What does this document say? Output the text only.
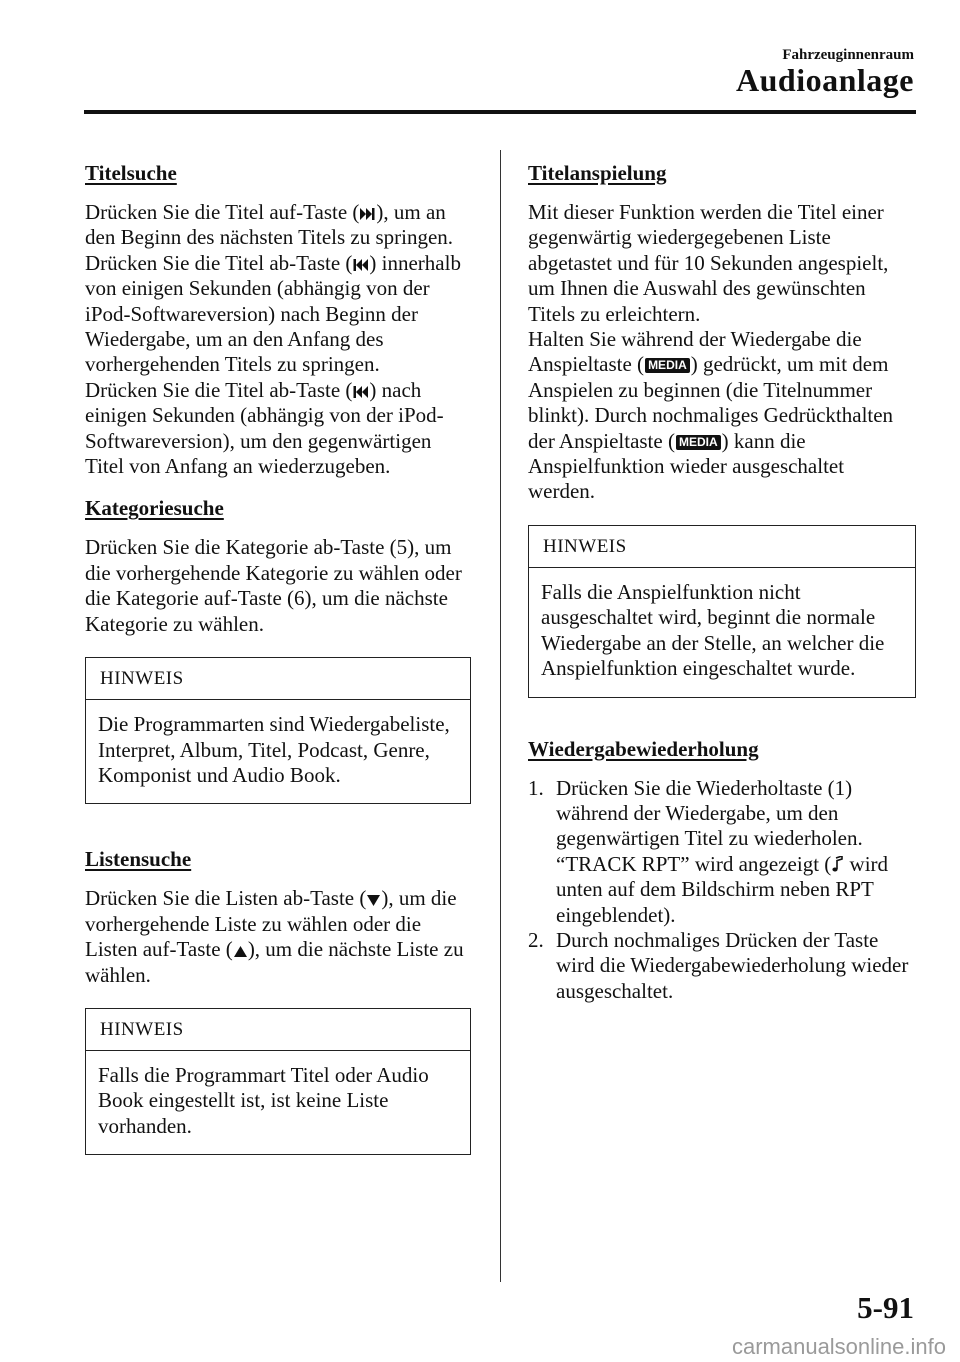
Fahrzeuginnenraum
Audioanlage
Titelsuche

Drücken Sie die Titel auf-Taste ( ), um an den Beginn des nächsten Titels zu springen.

Drücken Sie die Titel ab-Taste ( ) innerhalb von einigen Sekunden (abhängig von der iPod-Softwareversion) nach Beginn der Wiedergabe, um an den Anfang des vorhergehenden Titels zu springen.

Drücken Sie die Titel ab-Taste ( ) nach einigen Sekunden (abhängig von der iPod-Softwareversion), um den gegenwärtigen Titel von Anfang an wiederzugeben.

Kategoriesuche

Drücken Sie die Kategorie ab-Taste (5), um die vorhergehende Kategorie zu wählen oder die Kategorie auf-Taste (6), um die nächste Kategorie zu wählen.

HINWEIS
Die Programmarten sind Wiedergabeliste, Interpret, Album, Titel, Podcast, Genre, Komponist und Audio Book.
Listensuche

Drücken Sie die Listen ab-Taste ( ), um die vorhergehende Liste zu wählen oder die Listen auf-Taste ( ), um die nächste Liste zu wählen.

HINWEIS
Falls die Programmart Titel oder Audio Book eingestellt ist, ist keine Liste vorhanden.
Titelanspielung

Mit dieser Funktion werden die Titel einer gegenwärtig wiedergegebenen Liste abgetastet und für 10 Sekunden angespielt, um Ihnen die Auswahl des gewünschten Titels zu erleichtern.

Halten Sie während der Wiedergabe die Anspieltaste ( MEDIA ) gedrückt, um mit dem Anspielen zu beginnen (die Titelnummer blinkt). Durch nochmaliges Gedrückthalten der Anspieltaste ( MEDIA ) kann die Anspielfunktion wieder ausgeschaltet werden.

HINWEIS
Falls die Anspielfunktion nicht ausgeschaltet wird, beginnt die normale Wiedergabe an der Stelle, an welcher die Anspielfunktion eingeschaltet wurde.
Wiedergabewiederholung
1. Drücken Sie die Wiederholtaste (1) während der Wiedergabe, um den gegenwärtigen Titel zu wiederholen. “TRACK RPT” wird angezeigt ( wird unten auf dem Bildschirm neben RPT eingeblendet).
2. Durch nochmaliges Drücken der Taste wird die Wiedergabewiederholung wieder ausgeschaltet.
5-91
carmanualsonline.info
